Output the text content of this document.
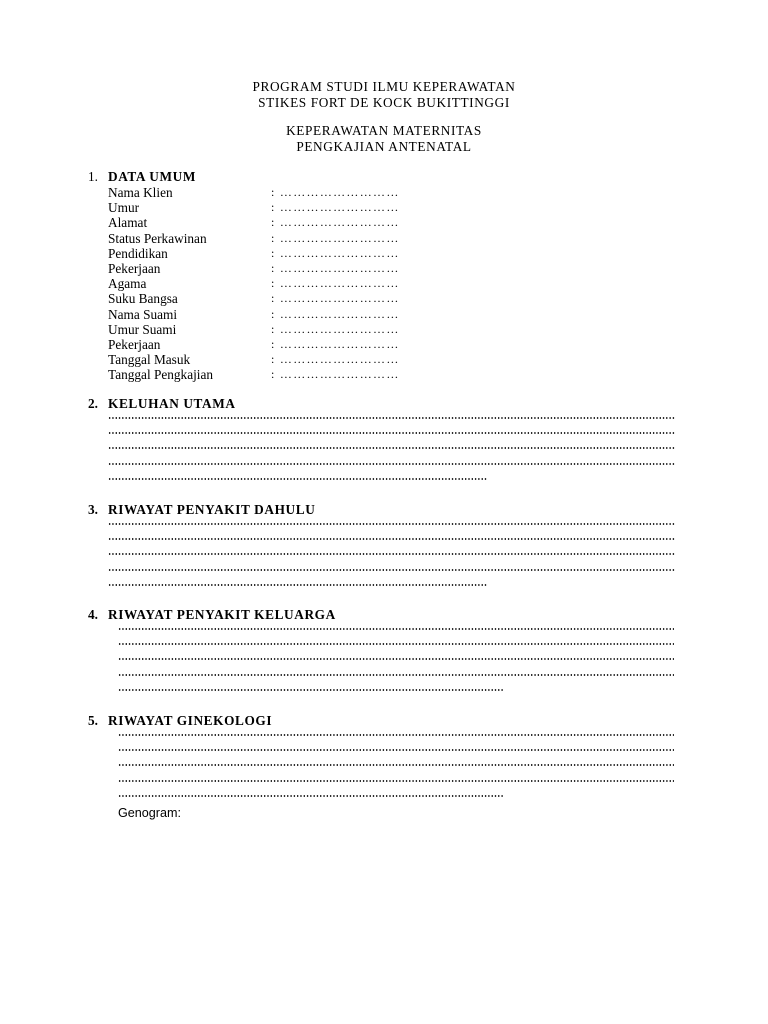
PROGRAM STUDI ILMU KEPERAWATAN
STIKES FORT DE KOCK BUKITTINGGI
KEPERAWATAN MATERNITAS
PENGKAJIAN ANTENATAL
1. DATA UMUM
Nama Klien	: ………………………
Umur	: ………………………
Alamat	: ………………………
Status Perkawinan	: ………………………
Pendidikan	: ………………………
Pekerjaan	: ………………………
Agama	: ………………………
Suku Bangsa	: ………………………
Nama Suami	: ………………………
Umur Suami	: ………………………
Pekerjaan	: ………………………
Tanggal Masuk	: ………………………
Tanggal Pengkajian	: ………………………
2. KELUHAN UTAMA
3. RIWAYAT PENYAKIT DAHULU
4. RIWAYAT PENYAKIT KELUARGA
5. RIWAYAT GINEKOLOGI
Genogram:
